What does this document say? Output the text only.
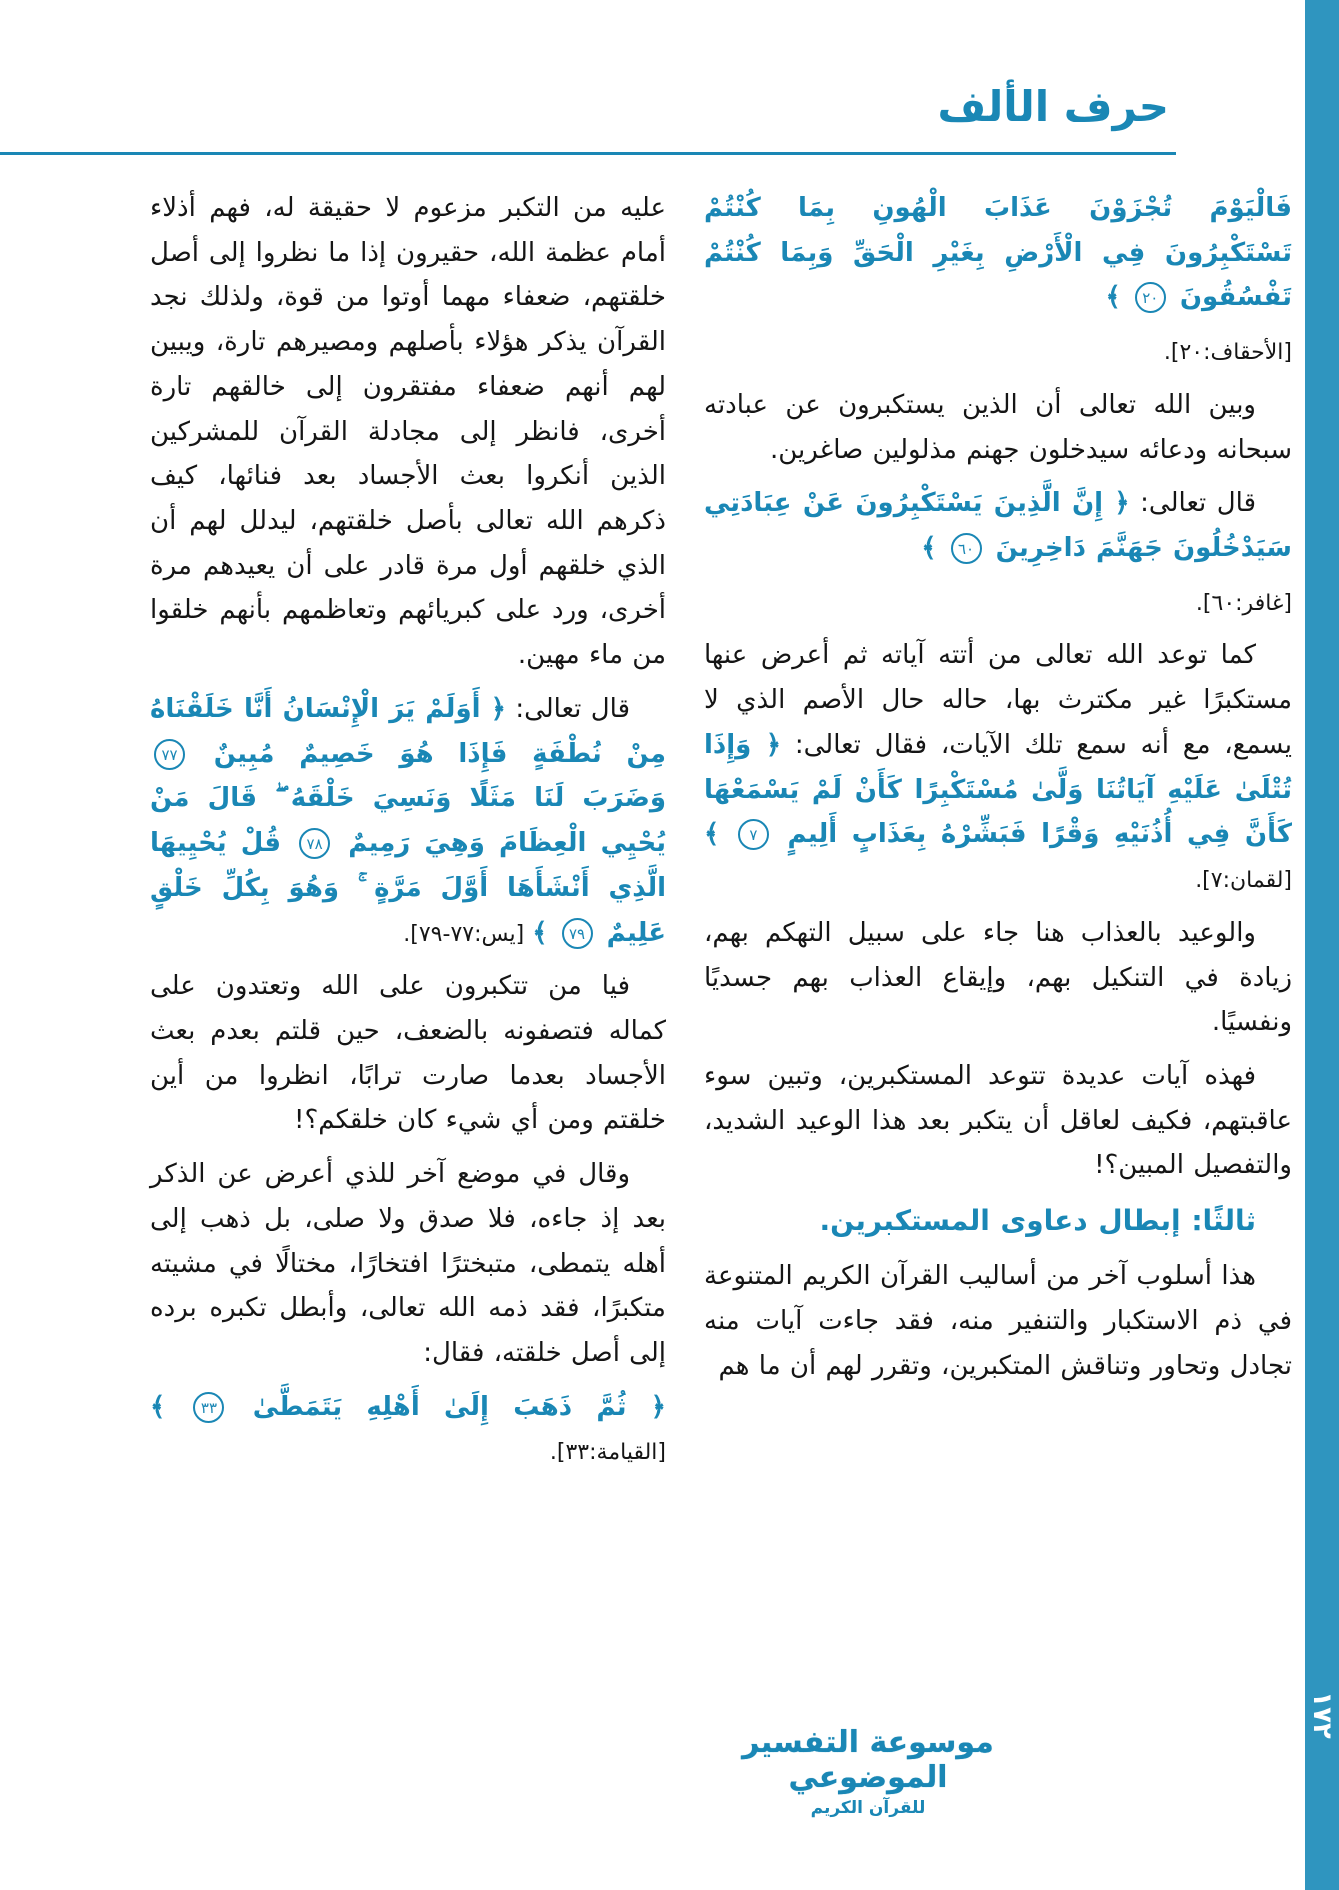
١٧٢
حرف الألف

فَالْيَوْمَ تُجْزَوْنَ عَذَابَ الْهُونِ بِمَا كُنْتُمْ تَسْتَكْبِرُونَ فِي الْأَرْضِ بِغَيْرِ الْحَقِّ وَبِمَا كُنْتُمْ تَفْسُقُونَ ٢٠ ﴾

[الأحقاف:٢٠].

وبين الله تعالى أن الذين يستكبرون عن عبادته سبحانه ودعائه سيدخلون جهنم مذلولين صاغرين.

قال تعالى: ﴿ إِنَّ الَّذِينَ يَسْتَكْبِرُونَ عَنْ عِبَادَتِي سَيَدْخُلُونَ جَهَنَّمَ دَاخِرِينَ ٦٠ ﴾

[غافر:٦٠].

كما توعد الله تعالى من أتته آياته ثم أعرض عنها مستكبرًا غير مكترث بها، حاله حال الأصم الذي لا يسمع، مع أنه سمع تلك الآيات، فقال تعالى: ﴿ وَإِذَا تُتْلَىٰ عَلَيْهِ آيَاتُنَا وَلَّىٰ مُسْتَكْبِرًا كَأَنْ لَمْ يَسْمَعْهَا كَأَنَّ فِي أُذُنَيْهِ وَقْرًا فَبَشِّرْهُ بِعَذَابٍ أَلِيمٍ ٧ ﴾ [لقمان:٧].

والوعيد بالعذاب هنا جاء على سبيل التهكم بهم، زيادة في التنكيل بهم، وإيقاع العذاب بهم جسديًا ونفسيًا.

فهذه آيات عديدة تتوعد المستكبرين، وتبين سوء عاقبتهم، فكيف لعاقل أن يتكبر بعد هذا الوعيد الشديد، والتفصيل المبين؟!

ثالثًا: إبطال دعاوى المستكبرين.

هذا أسلوب آخر من أساليب القرآن الكريم المتنوعة في ذم الاستكبار والتنفير منه، فقد جاءت آيات منه تجادل وتحاور وتناقش المتكبرين، وتقرر لهم أن ما هم

عليه من التكبر مزعوم لا حقيقة له، فهم أذلاء أمام عظمة الله، حقيرون إذا ما نظروا إلى أصل خلقتهم، ضعفاء مهما أوتوا من قوة، ولذلك نجد القرآن يذكر هؤلاء بأصلهم ومصيرهم تارة، ويبين لهم أنهم ضعفاء مفتقرون إلى خالقهم تارة أخرى، فانظر إلى مجادلة القرآن للمشركين الذين أنكروا بعث الأجساد بعد فنائها، كيف ذكرهم الله تعالى بأصل خلقتهم، ليدلل لهم أن الذي خلقهم أول مرة قادر على أن يعيدهم مرة أخرى، ورد على كبريائهم وتعاظمهم بأنهم خلقوا من ماء مهين.

قال تعالى: ﴿ أَوَلَمْ يَرَ الْإِنْسَانُ أَنَّا خَلَقْنَاهُ مِنْ نُطْفَةٍ فَإِذَا هُوَ خَصِيمٌ مُبِينٌ ٧٧ وَضَرَبَ لَنَا مَثَلًا وَنَسِيَ خَلْقَهُ ۖ قَالَ مَنْ يُحْيِي الْعِظَامَ وَهِيَ رَمِيمٌ ٧٨ قُلْ يُحْيِيهَا الَّذِي أَنْشَأَهَا أَوَّلَ مَرَّةٍ ۚ وَهُوَ بِكُلِّ خَلْقٍ عَلِيمٌ ٧٩ ﴾ [يس:٧٧-٧٩].

فيا من تتكبرون على الله وتعتدون على كماله فتصفونه بالضعف، حين قلتم بعدم بعث الأجساد بعدما صارت ترابًا، انظروا من أين خلقتم ومن أي شيء كان خلقكم؟!

وقال في موضع آخر للذي أعرض عن الذكر بعد إذ جاءه، فلا صدق ولا صلى، بل ذهب إلى أهله يتمطى، متبخترًا افتخارًا، مختالًا في مشيته متكبرًا، فقد ذمه الله تعالى، وأبطل تكبره برده إلى أصل خلقته، فقال:

﴿ ثُمَّ ذَهَبَ إِلَىٰ أَهْلِهِ يَتَمَطَّىٰ ٣٣ ﴾ [القيامة:٣٣].

موسوعة التفسير الموضوعي
للقرآن الكريم
